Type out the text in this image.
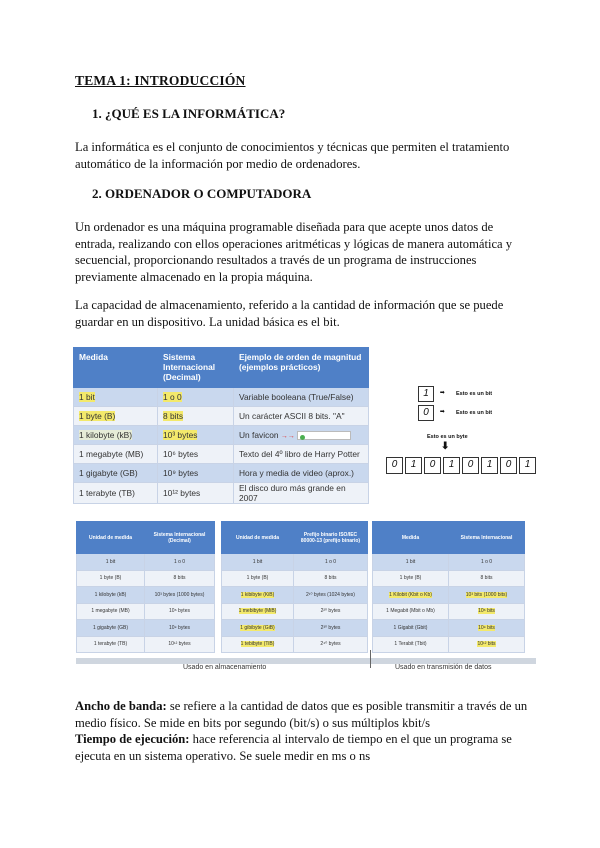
TEMA 1: INTRODUCCIÓN
1. ¿QUÉ ES LA INFORMÁTICA?
La informática es el conjunto de conocimientos y técnicas que permiten el tratamiento automático de la información por medio de ordenadores.
2. ORDENADOR O COMPUTADORA
Un ordenador es una máquina programable diseñada para que acepte unos datos de entrada, realizando con ellos operaciones aritméticas y lógicas de manera automática y secuencial, proporcionando resultados a través de un programa de instrucciones previamente almacenado en la propia máquina.
La capacidad de almacenamiento, referido a la cantidad de información que se puede guardar en un dispositivo. La unidad básica es el bit.
Medida	Sistema Internacional (Decimal)	Ejemplo de orden de magnitud (ejemplos prácticos)
1 bit	1 o 0	Variable booleana (True/False)
1 byte (B)	8 bits	Un carácter ASCII 8 bits. "A"
1 kilobyte (kB)	10³ bytes	Un favicon →→
1 megabyte (MB)	10⁶ bytes	Texto del 4º libro de Harry Potter
1 gigabyte (GB)	10⁹ bytes	Hora y media de video (aprox.)
1 terabyte (TB)	10¹² bytes	El disco duro más grande en 2007
1	➡ Esto es un bit
0	➡ Esto es un bit
Esto es un byte
⬇
0	1	0	1	0	1	0	1
Unidad de medida	Sistema Internacional (Decimal)
1 bit	1 o 0
1 byte (B)	8 bits
1 kilobyte (kB)	10³ bytes (1000 bytes)
1 megabyte (MB)	10⁶ bytes
1 gigabyte (GB)	10⁹ bytes
1 terabyte (TB)	10¹² bytes
Unidad de medida	Prefijo binario ISO/IEC 80000-13 (prefijo binario)
1 bit	1 o 0
1 byte (B)	8 bits
1 kibibyte (KiB)	2¹⁰ bytes (1024 bytes)
1 mebibyte (MiB)	2²⁰ bytes
1 gibibyte (GiB)	2³⁰ bytes
1 tebibyte (TiB)	2⁴⁰ bytes
Medida	Sistema Internacional
1 bit	1 o 0
1 byte (B)	8 bits
1 Kilobit (Kbit o Kb)	10³ bits (1000 bits)
1 Megabit (Mbit o Mb)	10⁶ bits
1 Gigabit (Gbit)	10⁹ bits
1 Terabit (Tbit)	10¹² bits
Usado en almacenamiento	Usado en transmisión de datos
Ancho de banda: se refiere a la cantidad de datos que es posible transmitir a través de un medio físico. Se mide en bits por segundo (bit/s) o sus múltiplos kbit/s
Tiempo de ejecución: hace referencia al intervalo de tiempo en el que un programa se ejecuta en un sistema operativo. Se suele medir en ms o ns
